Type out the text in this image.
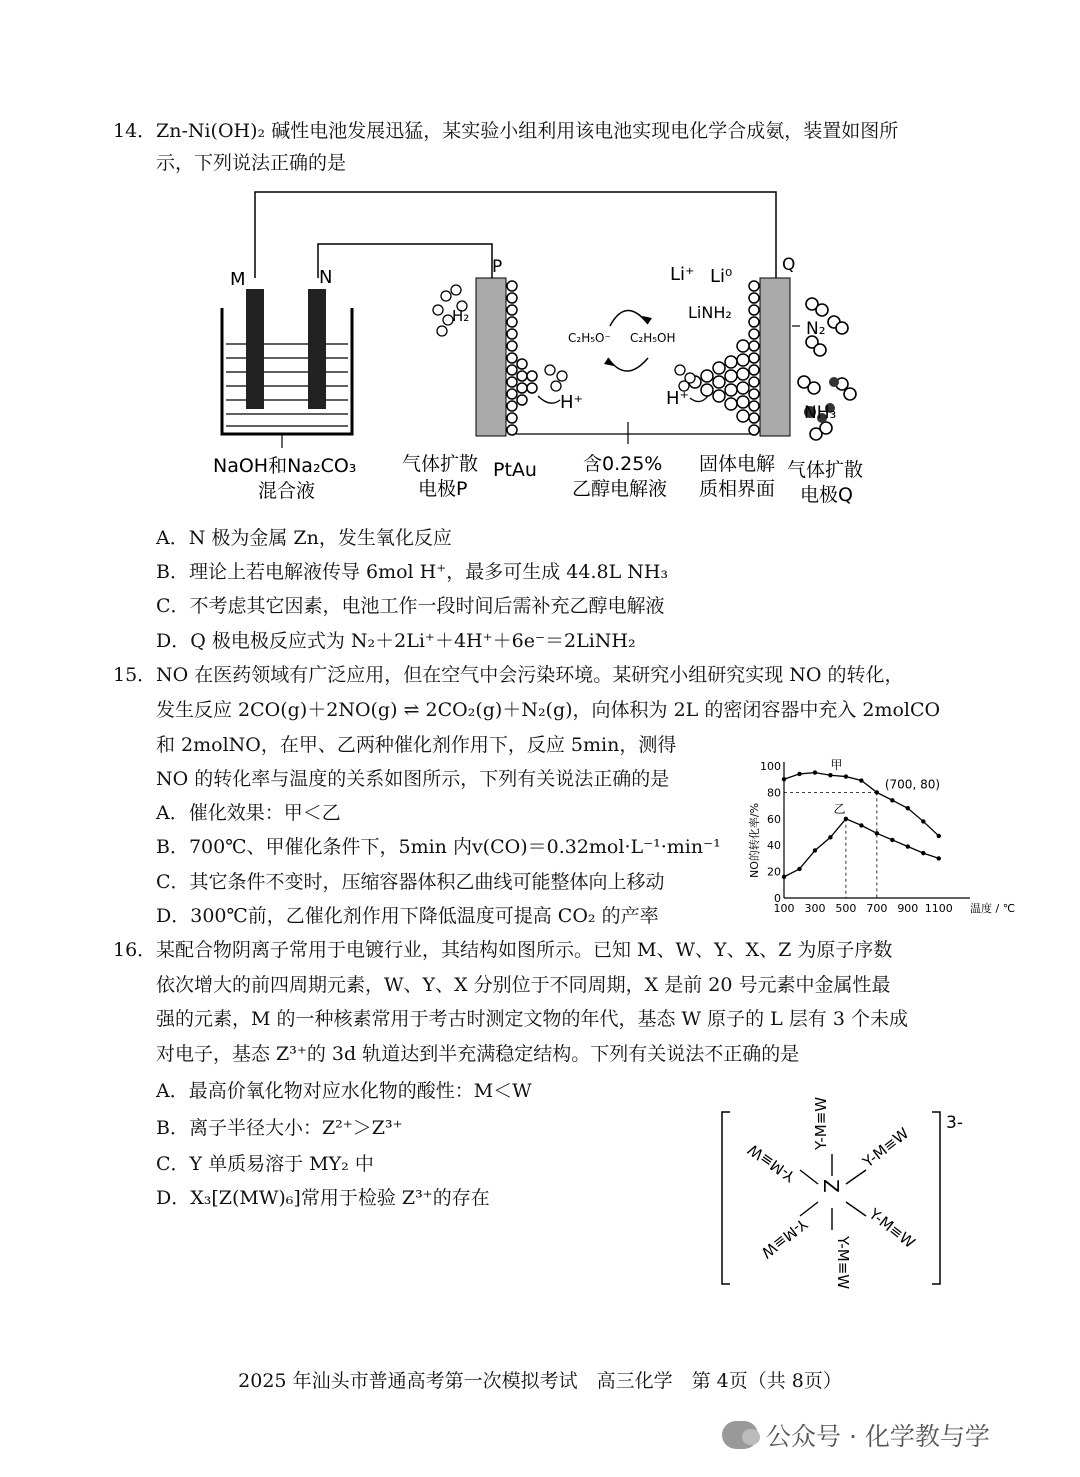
14． Zn-Ni(OH)₂ 碱性电池发展迅猛，某实验小组利用该电池实现电化学合成氨，装置如图所
示，下列说法正确的是
M	N	P
H₂
H⁺
C₂H₅O⁻ C₂H₅OH
Q
H⁺
Li⁺ Li⁰
LiNH₂
N₂
NH₃
NaOH和Na₂CO₃
混合液
气体扩散
电极P
PtAu 含0.25%
乙醇电解液
固体电解
质相界面
气体扩散
电极Q
A．N 极为金属 Zn，发生氧化反应
B．理论上若电解液传导 6mol H⁺，最多可生成 44.8L NH₃
C．不考虑其它因素，电池工作一段时间后需补充乙醇电解液
D．Q 极电极反应式为 N₂＋2Li⁺＋4H⁺＋6e⁻＝2LiNH₂
15． NO 在医药领域有广泛应用，但在空气中会污染环境。某研究小组研究实现 NO 的转化，
发生反应 2CO(g)＋2NO(g) ⇌ 2CO₂(g)＋N₂(g)，向体积为 2L 的密闭容器中充入 2molCO
和 2molNO，在甲、乙两种催化剂作用下，反应 5min，测得
NO 的转化率与温度的关系如图所示，下列有关说法正确的是
A．催化效果：甲＜乙
B．700℃、甲催化条件下，5min 内v(CO)＝0.32mol·L⁻¹·min⁻¹
C．其它条件不变时，压缩容器体积乙曲线可能整体向上移动
D．300℃前，乙催化剂作用下降低温度可提高 CO₂ 的产率	100 300 500 700 900 1100
0
20
40
60
80
100
温度 / ℃
NO的转化率/%
(700, 80)
甲
乙
16． 某配合物阴离子常用于电镀行业，其结构如图所示。已知 M、W、Y、X、Z 为原子序数
依次增大的前四周期元素，W、Y、X 分别位于不同周期，X 是前 20 号元素中金属性最
强的元素，M 的一种核素常用于考古时测定文物的年代，基态 W 原子的 L 层有 3 个未成
对电子，基态 Z³⁺的 3d 轨道达到半充满稳定结构。下列有关说法不正确的是
A．最高价氧化物对应水化物的酸性：M＜W
B．离子半径大小：Z²⁺＞Z³⁺
C．Y 单质易溶于 MY₂ 中
D．X₃[Z(MW)₆]常用于检验 Z³⁺的存在
3-
Z
Y-M≡W
Y-M≡W
Y-M≡W	Y-M≡W
Y-M≡W	Y-M≡W
2025 年汕头市普通高考第一次模拟考试　高三化学　第 4页（共 8页）
公众号 · 化学教与学
